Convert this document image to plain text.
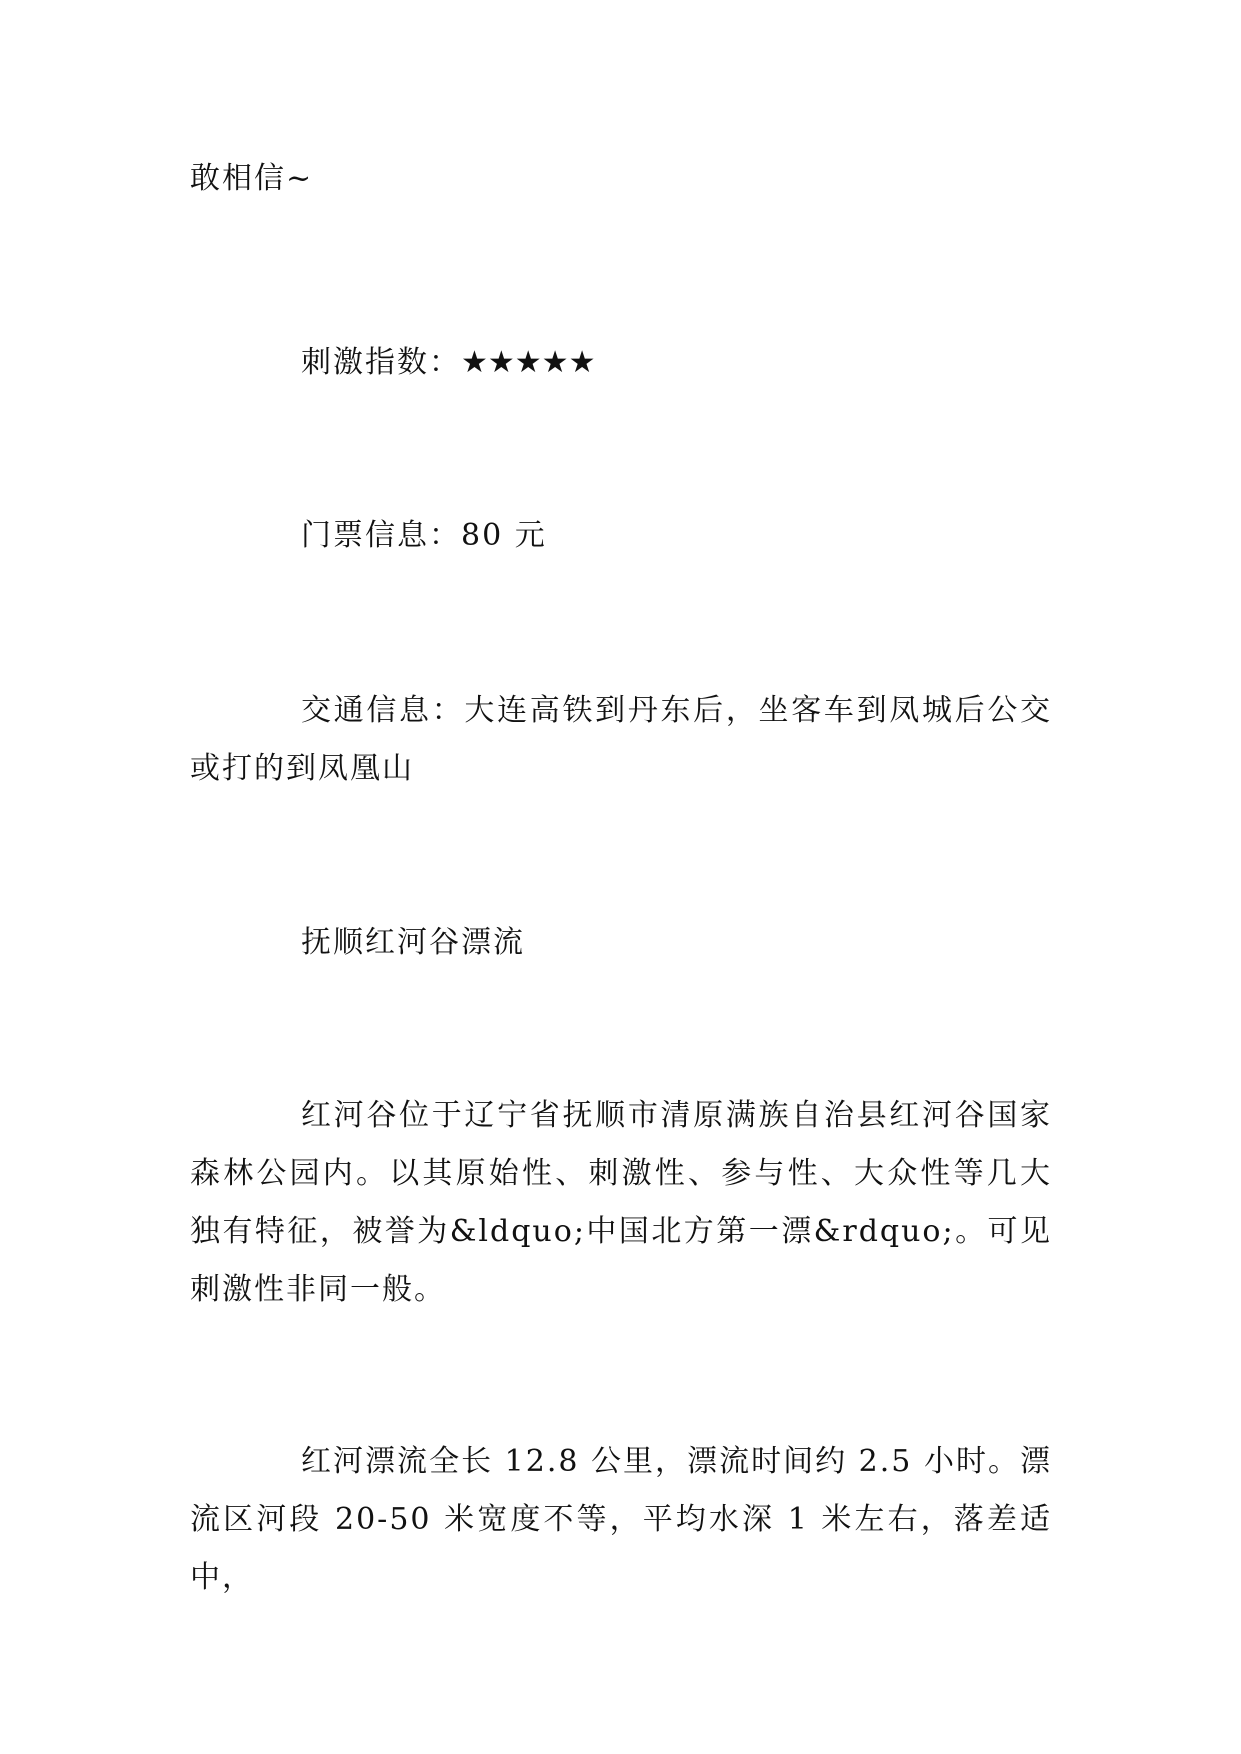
敢相信~

刺激指数：★★★★★

门票信息：80 元

交通信息：大连高铁到丹东后，坐客车到凤城后公交或打的到凤凰山

抚顺红河谷漂流

红河谷位于辽宁省抚顺市清原满族自治县红河谷国家森林公园内。以其原始性、刺激性、参与性、大众性等几大独有特征，被誉为&ldquo;中国北方第一漂&rdquo;。可见刺激性非同一般。

红河漂流全长 12.8 公里，漂流时间约 2.5 小时。漂流区河段 20-50 米宽度不等，平均水深 1 米左右，落差适中，
